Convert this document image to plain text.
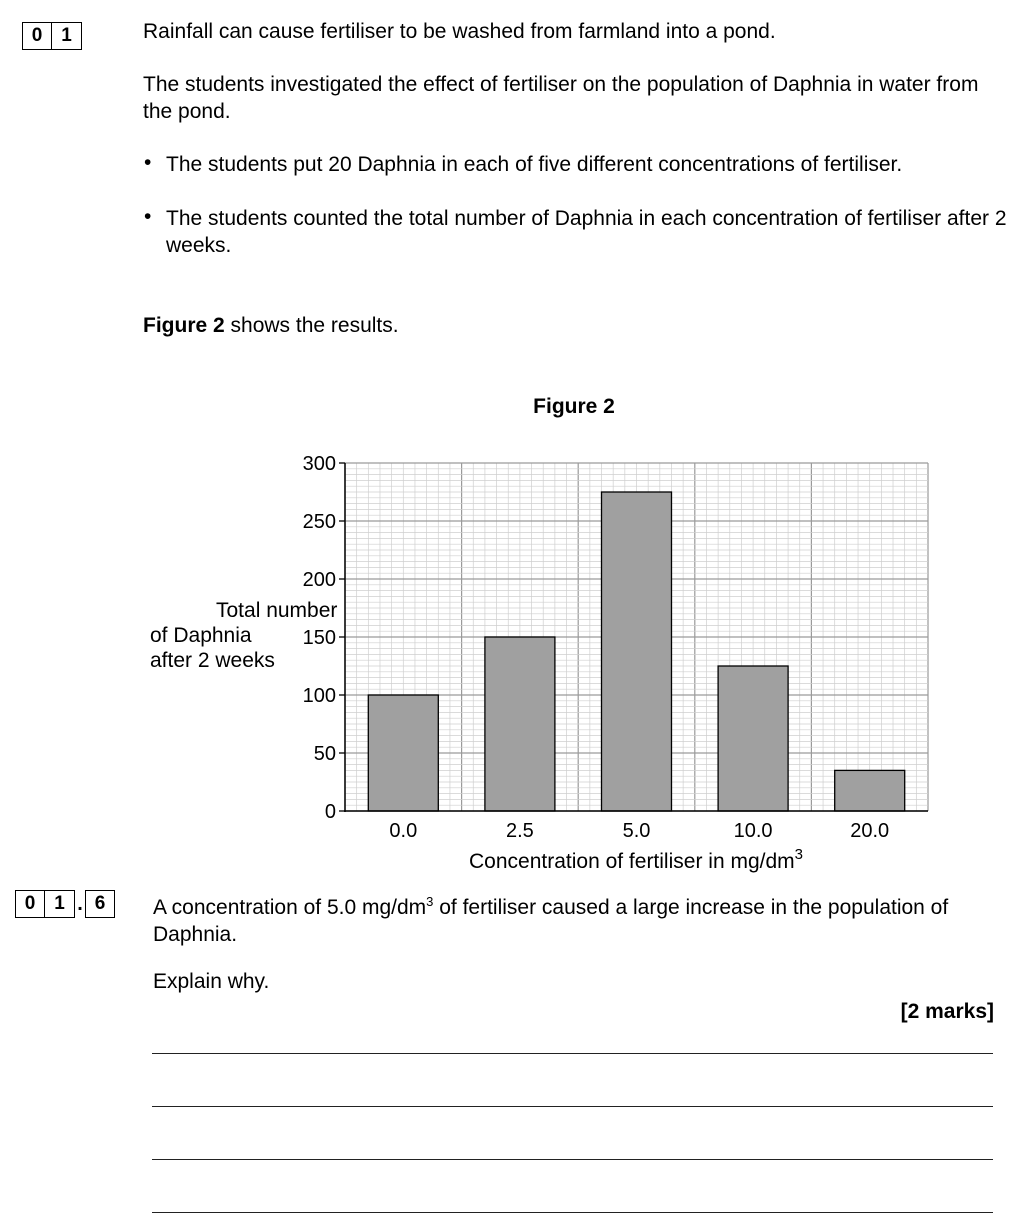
0 1	Rainfall can cause fertiliser to be washed from farmland into a pond.
The students investigated the effect of fertiliser on the population of Daphnia in water from the pond.
• The students put 20 Daphnia in each of five different concentrations of fertiliser.
• The students counted the total number of Daphnia in each concentration of fertiliser after 2 weeks.
Figure 2 shows the results.
0
50
100
150
200
250
300
0.0	2.5	5.0	10.0	20.0
Figure 2
Total number
of Daphnia
after 2 weeks
Concentration of fertiliser in $mg/dm^3$
0 1 . 6	A concentration of 5.0 $mg/dm^3$ of fertiliser caused a large increase in the population of Daphnia.
Explain why.
[2 marks]
